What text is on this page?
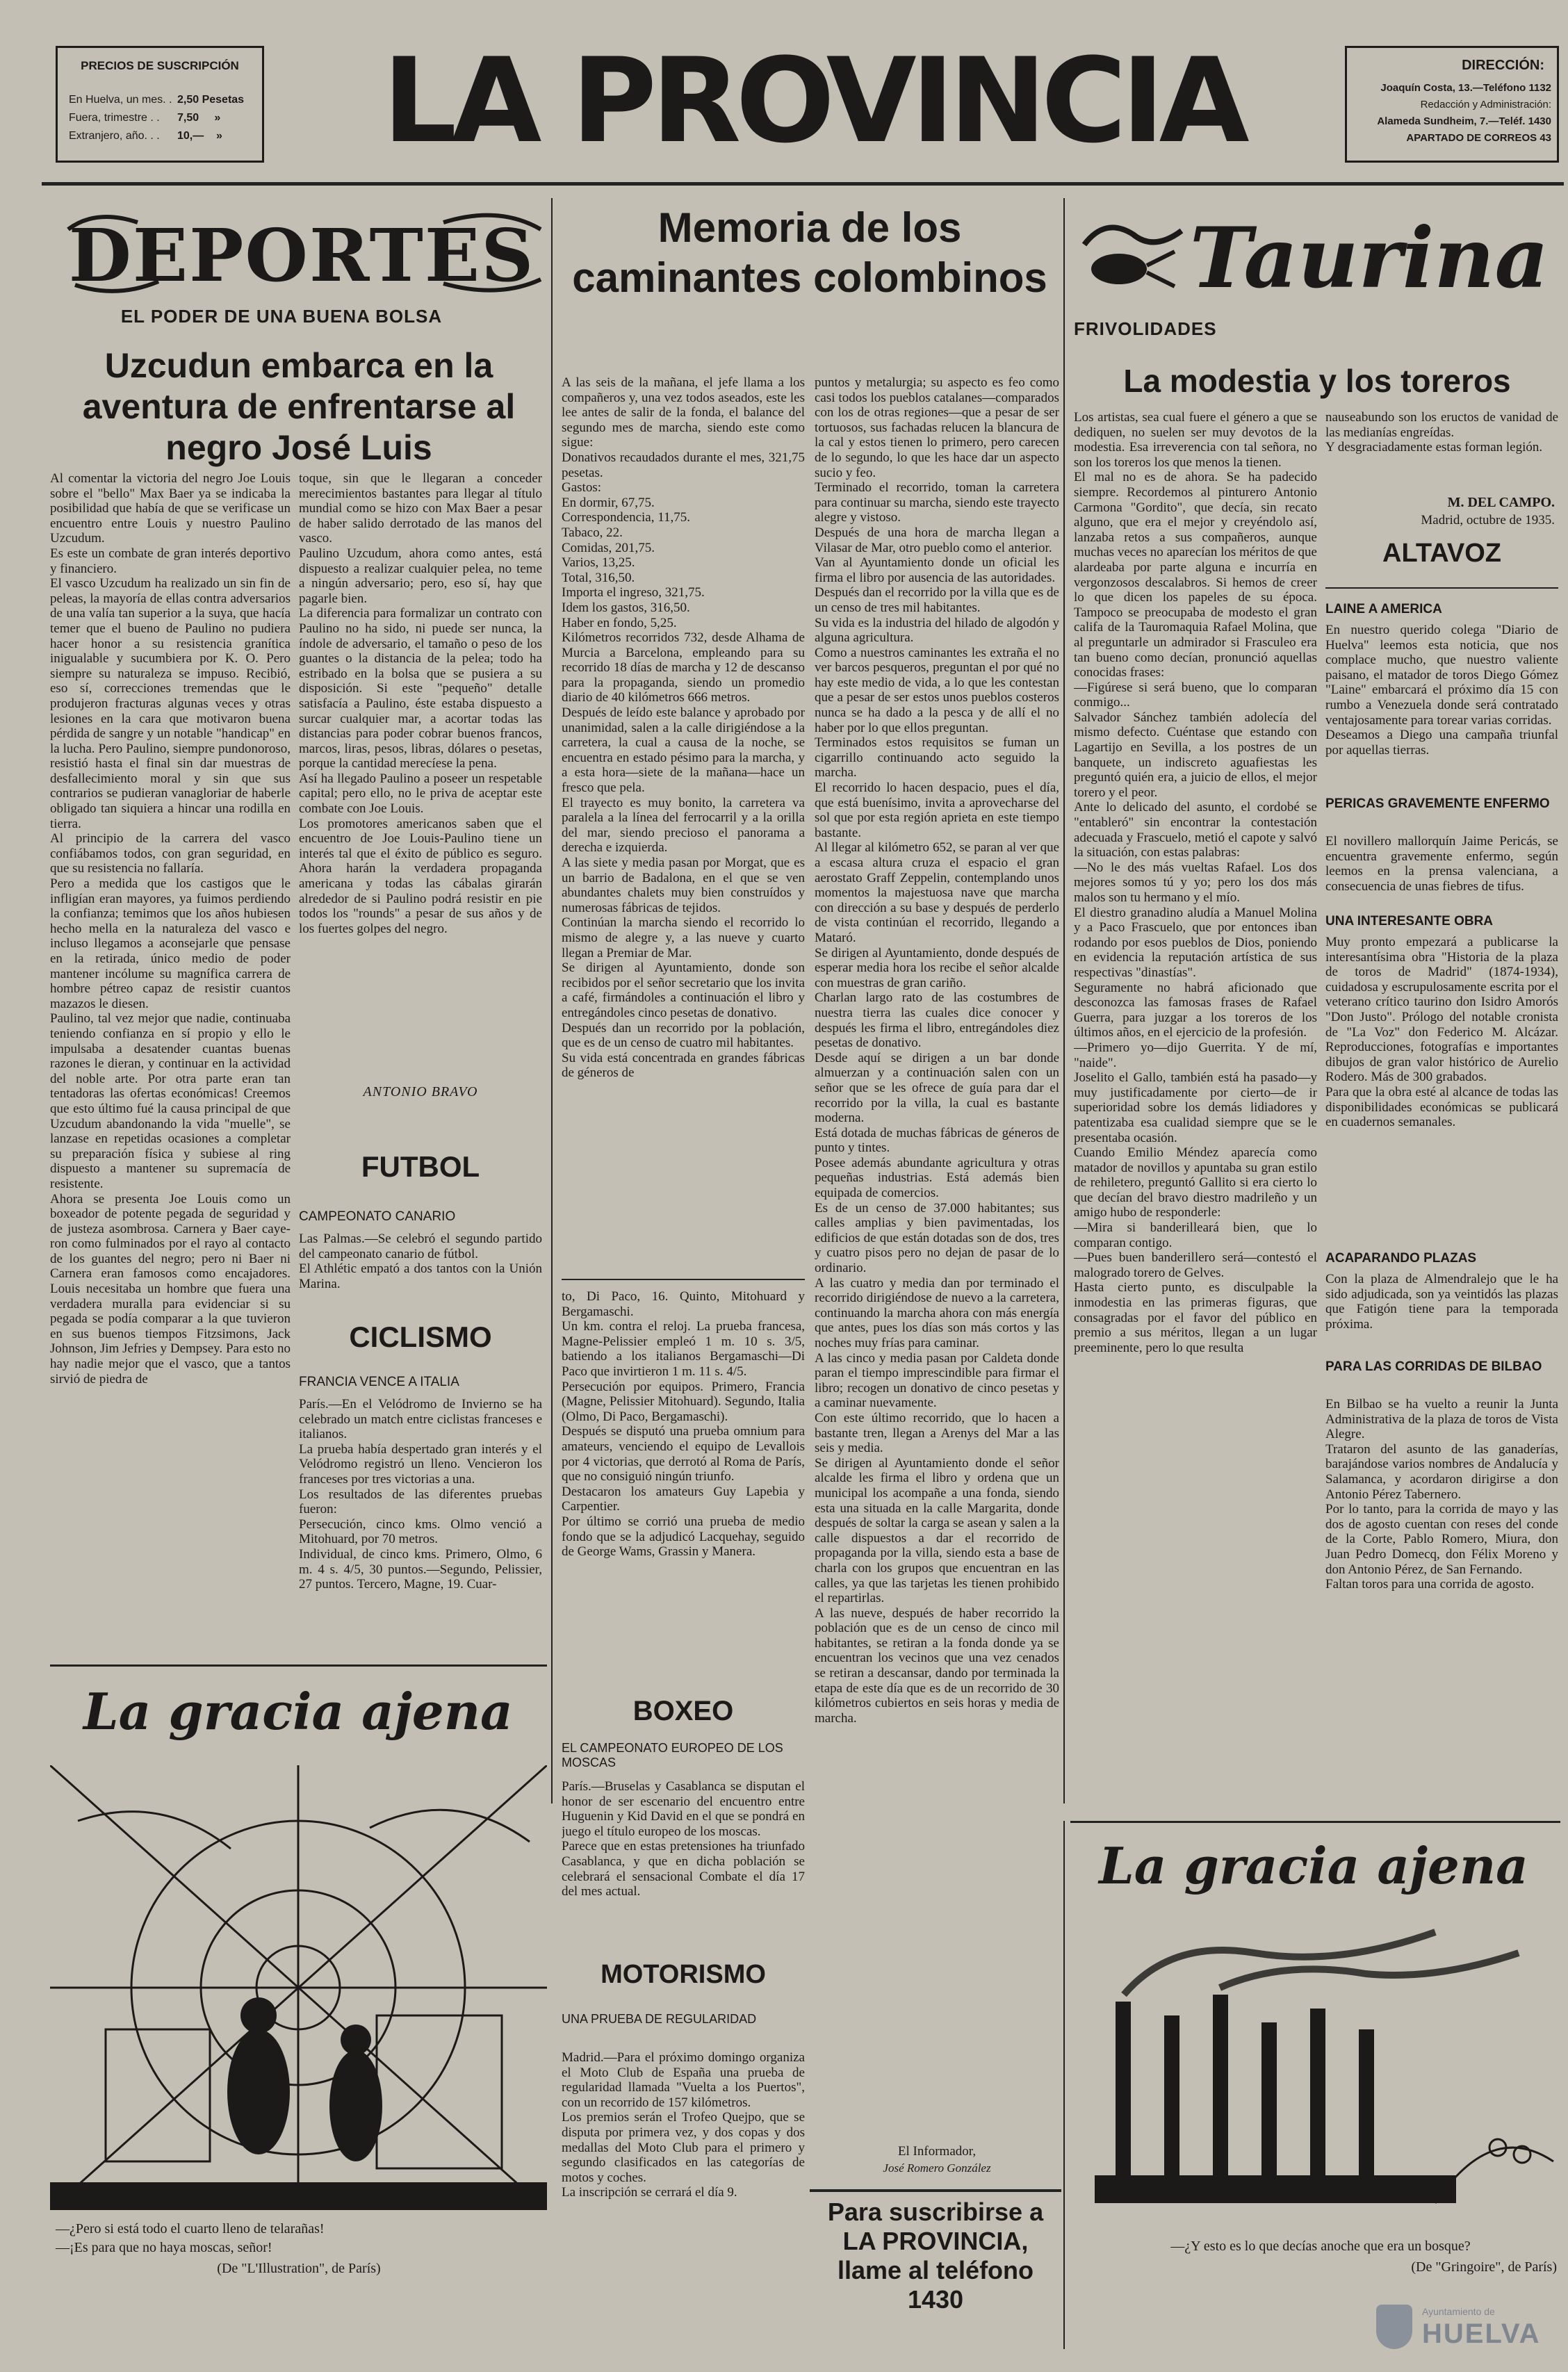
PRECIOS DE SUSCRIPCIÓN
En Huelva, un mes. .
Fuera, trimestre . .
Extranjero, año. . .
2,50 Pesetas
7,50     »
10,—    »	LA PROVINCIA	DIRECCIÓN:
Joaquín Costa, 13.—Teléfono 1132
Redacción y Administración:
Alameda Sundheim, 7.—Teléf. 1430
APARTADO DE CORREOS 43
DEPORTES
EL PODER DE UNA BUENA BOLSA
Uzcudun embarca en la aventura de enfrentarse al negro José Luis
Al comentar la victoria del negro Joe Louis sobre el "bello" Max Baer ya se indicaba la posibilidad que había de que se verificase un encuentro entre Louis y nuestro Paulino Uzcudum.
Es este un combate de gran interés deportivo y financiero.
El vasco Uzcudum ha realizado un sin fin de peleas, la mayoría de ellas contra adversarios de una valía tan superior a la suya, que hacía temer que el bueno de Paulino no pudiera hacer honor a su resistencia granítica inigualable y sucumbiera por K. O. Pero siempre su naturaleza se impuso. Recibió, eso sí, correcciones tremendas que le produjeron fracturas algunas veces y otras lesiones en la cara que motivaron buena pérdida de sangre y un notable "handicap" en la lucha. Pero Paulino, siempre pundonoroso, resistió hasta el final sin dar muestras de desfallecimiento moral y sin que sus contrarios se pudieran vanagloriar de haberle obligado tan siquiera a hincar una rodilla en tierra.
Al principio de la carrera del vasco confiábamos todos, con gran seguridad, en que su resistencia no fallaría.
Pero a medida que los castigos que le infligían eran mayores, ya fuimos perdiendo la confianza; temimos que los años hubiesen hecho mella en la naturaleza del vasco e incluso llegamos a aconsejarle que pensase en la retirada, único medio de poder mantener incólume su magnífica carrera de hombre pétreo capaz de resistir cuantos mazazos le diesen.
Paulino, tal vez mejor que nadie, continuaba teniendo confianza en sí propio y ello le impulsaba a desatender cuantas buenas razones le dieran, y continuar en la actividad del noble arte. Por otra parte eran tan tentadoras las ofertas económicas! Creemos que esto último fué la causa principal de que Uzcudum abandonando la vida "muelle", se lanzase en repetidas ocasiones a completar su preparación física y subiese al ring dispuesto a mantener su supremacía de resistente.
Ahora se presenta Joe Louis como un boxeador de potente pegada de seguridad y de justeza asombrosa. Carnera y Baer cayeron como fulminados por el rayo al contacto de los guantes del negro; pero ni Baer ni Carnera eran famosos como encajadores. Louis necesitaba un hombre que fuera una verdadera muralla para evidenciar si su pegada se podía comparar a la que tuvieron en sus buenos tiempos Fitzsimons, Jack Johnson, Jim Jefries y Dempsey. Para esto no hay nadie mejor que el vasco, que a tantos sirvió de piedra de
toque, sin que le llegaran a conceder merecimientos bastantes para llegar al título mundial como se hizo con Max Baer a pesar de haber salido derrotado de las manos del vasco.
Paulino Uzcudum, ahora como antes, está dispuesto a realizar cualquier pelea, no teme a ningún adversario; pero, eso sí, hay que pagarle bien.
La diferencia para formalizar un contrato con Paulino no ha sido, ni puede ser nunca, la índole de adversario, el tamaño o peso de los guantes o la distancia de la pelea; todo ha estribado en la bolsa que se pusiera a su disposición. Si este "pequeño" detalle satisfacía a Paulino, éste estaba dispuesto a surcar cualquier mar, a acortar todas las distancias para poder cobrar buenos francos, marcos, liras, pesos, libras, dólares o pesetas, porque la cantidad merecíese la pena.
Así ha llegado Paulino a poseer un respetable capital; pero ello, no le priva de aceptar este combate con Joe Louis.
Los promotores americanos saben que el encuentro de Joe Louis-Paulino tiene un interés tal que el éxito de público es seguro. Ahora harán la verdadera propaganda americana y todas las cábalas girarán alrededor de si Paulino podrá resistir en pie todos los "rounds" a pesar de sus años y de los fuertes golpes del negro.
ANTONIO BRAVO
FUTBOL
CAMPEONATO CANARIO
Las Palmas.—Se celebró el segundo partido del campeonato canario de fútbol.
El Athlétic empató a dos tantos con la Unión Marina.
CICLISMO
FRANCIA VENCE A ITALIA
París.—En el Velódromo de Invierno se ha celebrado un match entre ciclistas franceses e italianos.
La prueba había despertado gran interés y el Velódromo registró un lleno. Vencieron los franceses por tres victorias a una.
Los resultados de las diferentes pruebas fueron:
Persecución, cinco kms. Olmo venció a Mitohuard, por 70 metros.
Individual, de cinco kms. Primero, Olmo, 6 m. 4 s. 4/5, 30 puntos.—Segundo, Pelissier, 27 puntos. Tercero, Magne, 19. Cuar-
Memoria de los caminantes colombinos
A las seis de la mañana, el jefe llama a los compañeros y, una vez todos aseados, este les lee antes de salir de la fonda, el balance del segundo mes de marcha, siendo este como sigue:
Donativos recaudados durante el mes, 321,75 pesetas.
Gastos:
En dormir, 67,75.
Correspondencia, 11,75.
Tabaco, 22.
Comidas, 201,75.
Varios, 13,25.
Total, 316,50.
Importa el ingreso, 321,75.
Idem los gastos, 316,50.
Haber en fondo, 5,25.
Kilómetros recorridos 732, desde Alhama de Murcia a Barcelona, empleando para su recorrido 18 días de marcha y 12 de descanso para la propaganda, siendo un promedio diario de 40 kilómetros 666 metros.
Después de leído este balance y aprobado por unanimidad, salen a la calle dirigiéndose a la carretera, la cual a causa de la noche, se encuentra en estado pésimo para la marcha, y a esta hora—siete de la mañana—hace un fresco que pela.
El trayecto es muy bonito, la carretera va paralela a la línea del ferrocarril y a la orilla del mar, siendo precioso el panorama a derecha e izquierda.
A las siete y media pasan por Morgat, que es un barrio de Badalona, en el que se ven abundantes chalets muy bien construídos y numerosas fábricas de tejidos.
Continúan la marcha siendo el recorrido lo mismo de alegre y, a las nueve y cuarto llegan a Premiar de Mar.
Se dirigen al Ayuntamiento, donde son recibidos por el señor secretario que los invita a café, firmándoles a continuación el libro y entregándoles cinco pesetas de donativo.
Después dan un recorrido por la población, que es de un censo de cuatro mil habitantes.
Su vida está concentrada en grandes fábricas de géneros de
puntos y metalurgia; su aspecto es feo como casi todos los pueblos catalanes—comparados con los de otras regiones—que a pesar de ser tortuosos, sus fachadas relucen la blancura de la cal y estos tienen lo primero, pero carecen de lo segundo, lo que les hace dar un aspecto sucio y feo.
Terminado el recorrido, toman la carretera para continuar su marcha, siendo este trayecto alegre y vistoso.
Después de una hora de marcha llegan a Vilasar de Mar, otro pueblo como el anterior.
Van al Ayuntamiento donde un oficial les firma el libro por ausencia de las autoridades.
Después dan el recorrido por la villa que es de un censo de tres mil habitantes.
Su vida es la industria del hilado de algodón y alguna agricultura.
Como a nuestros caminantes les extraña el no ver barcos pesqueros, preguntan el por qué no hay este medio de vida, a lo que les contestan que a pesar de ser estos unos pueblos costeros nunca se ha dado a la pesca y de allí el no haber por lo que ellos preguntan.
Terminados estos requisitos se fuman un cigarrillo continuando acto seguido la marcha.
El recorrido lo hacen despacio, pues el día, que está buenísimo, invita a aprovecharse del sol que por esta región aprieta en este tiempo bastante.
Al llegar al kilómetro 652, se paran al ver que a escasa altura cruza el espacio el gran aerostato Graff Zeppelin, contemplando unos momentos la majestuosa nave que marcha con dirección a su base y después de perderlo de vista continúan el recorrido, llegando a Mataró.
Se dirigen al Ayuntamiento, donde después de esperar media hora los recibe el señor alcalde con muestras de gran cariño.
Charlan largo rato de las costumbres de nuestra tierra las cuales dice conocer y después les firma el libro, entregándoles diez pesetas de donativo.
Desde aquí se dirigen a un bar donde almuerzan y a continuación salen con un señor que se les ofrece de guía para dar el recorrido por la villa, la cual es bastante moderna.
Está dotada de muchas fábricas de géneros de punto y tintes.
Posee además abundante agricultura y otras pequeñas industrias. Está además bien equipada de comercios.
Es de un censo de 37.000 habitantes; sus calles amplias y bien pavimentadas, los edificios de que están dotadas son de dos, tres y cuatro pisos pero no dejan de pasar de lo ordinario.
A las cuatro y media dan por terminado el recorrido dirigiéndose de nuevo a la carretera, continuando la marcha ahora con más energía que antes, pues los días son más cortos y las noches muy frías para caminar.
A las cinco y media pasan por Caldeta donde paran el tiempo imprescindible para firmar el libro; recogen un donativo de cinco pesetas y a caminar nuevamente.
Con este último recorrido, que lo hacen a bastante tren, llegan a Arenys del Mar a las seis y media.
Se dirigen al Ayuntamiento donde el señor alcalde les firma el libro y ordena que un municipal los acompañe a una fonda, siendo esta una situada en la calle Margarita, donde después de soltar la carga se asean y salen a la calle dispuestos a dar el recorrido de propaganda por la villa, siendo esta a base de charla con los grupos que encuentran en las calles, ya que las tarjetas les tienen prohibido el repartirlas.
A las nueve, después de haber recorrido la población que es de un censo de cinco mil habitantes, se retiran a la fonda donde ya se encuentran los vecinos que una vez cenados se retiran a descansar, dando por terminada la etapa de este día que es de un recorrido de 30 kilómetros cubiertos en seis horas y media de marcha.
El Informador,
José Romero González
to, Di Paco, 16. Quinto, Mitohuard y Bergamaschi.
Un km. contra el reloj. La prueba francesa, Magne-Pelissier empleó 1 m. 10 s. 3/5, batiendo a los italianos Bergamaschi—Di Paco que invirtieron 1 m. 11 s. 4/5.
Persecución por equipos. Primero, Francia (Magne, Pelissier Mitohuard). Segundo, Italia (Olmo, Di Paco, Bergamaschi).
Después se disputó una prueba omnium para amateurs, venciendo el equipo de Levallois por 4 victorias, que derrotó al Roma de París, que no consiguió ningún triunfo.
Destacaron los amateurs Guy Lapebia y Carpentier.
Por último se corrió una prueba de medio fondo que se la adjudicó Lacquehay, seguido de George Wams, Grassin y Manera.
BOXEO
EL CAMPEONATO EUROPEO DE LOS MOSCAS
París.—Bruselas y Casablanca se disputan el honor de ser escenario del encuentro entre Huguenin y Kid David en el que se pondrá en juego el título europeo de los moscas.
Parece que en estas pretensiones ha triunfado Casablanca, y que en dicha población se celebrará el sensacional Combate el día 17 del mes actual.
MOTORISMO
UNA PRUEBA DE REGULARIDAD
Madrid.—Para el próximo domingo organiza el Moto Club de España una prueba de regularidad llamada "Vuelta a los Puertos", con un recorrido de 157 kilómetros.
Los premios serán el Trofeo Quejpo, que se disputa por primera vez, y dos copas y dos medallas del Moto Club para el primero y segundo clasificados en las categorías de motos y coches.
La inscripción se cerrará el día 9.
Para suscribirse a LA PROVINCIA, llame al teléfono 1430
Taurina
FRIVOLIDADES
La modestia y los toreros
Los artistas, sea cual fuere el género a que se dediquen, no suelen ser muy devotos de la modestia. Esa irreverencia con tal señora, no son los toreros los que menos la tienen.
El mal no es de ahora. Se ha padecido siempre. Recordemos al pinturero Antonio Carmona "Gordito", que decía, sin recato alguno, que era el mejor y creyéndolo así, lanzaba retos a sus compañeros, aunque muchas veces no aparecían los méritos de que alardeaba por parte alguna e incurría en vergonzosos descalabros. Si hemos de creer lo que dicen los papeles de su época. Tampoco se preocupaba de modesto el gran califa de la Tauromaquia Rafael Molina, que al preguntarle un admirador si Frasculeo era tan bueno como decían, pronunció aquellas conocidas frases:
—Figúrese si será bueno, que lo comparan conmigo...
Salvador Sánchez también adolecía del mismo defecto. Cuéntase que estando con Lagartijo en Sevilla, a los postres de un banquete, un indiscreto aguafiestas les preguntó quién era, a juicio de ellos, el mejor torero y el peor.
Ante lo delicado del asunto, el cordobé se "entableró" sin encontrar la contestación adecuada y Frascuelo, metió el capote y salvó la situación, con estas palabras:
—No le des más vueltas Rafael. Los dos mejores somos tú y yo; pero los dos más malos son tu hermano y el mío.
El diestro granadino aludía a Manuel Molina y a Paco Frascuelo, que por entonces iban rodando por esos pueblos de Dios, poniendo en evidencia la reputación artística de sus respectivas "dinastías".
Seguramente no habrá aficionado que desconozca las famosas frases de Rafael Guerra, para juzgar a los toreros de los últimos años, en el ejercicio de la profesión.
—Primero yo—dijo Guerrita. Y de mí, "naide".
Joselito el Gallo, también está ha pasado—y muy justificadamente por cierto—de ir superioridad sobre los demás lidiadores y patentizaba esa cualidad siempre que se le presentaba ocasión.
Cuando Emilio Méndez aparecía como matador de novillos y apuntaba su gran estilo de rehiletero, preguntó Gallito si era cierto lo que decían del bravo diestro madrileño y un amigo hubo de responderle:
—Mira si banderilleará bien, que lo comparan contigo.
—Pues buen banderillero será—contestó el malogrado torero de Gelves.
Hasta cierto punto, es disculpable la inmodestia en las primeras figuras, que consagradas por el favor del público en premio a sus méritos, llegan a un lugar preeminente, pero lo que resulta
nauseabundo son los eructos de vanidad de las medianías engreídas.
Y desgraciadamente estas forman legión.
M. DEL CAMPO.
Madrid, octubre de 1935.
ALTAVOZ
LAINE A AMERICA
En nuestro querido colega "Diario de Huelva" leemos esta noticia, que nos complace mucho, que nuestro valiente paisano, el matador de toros Diego Gómez "Laine" embarcará el próximo día 15 con rumbo a Venezuela donde será contratado ventajosamente para torear varias corridas.
Deseamos a Diego una campaña triunfal por aquellas tierras.
PERICAS GRAVEMENTE ENFERMO
El novillero mallorquín Jaime Pericás, se encuentra gravemente enfermo, según leemos en la prensa valenciana, a consecuencia de unas fiebres de tifus.
UNA INTERESANTE OBRA
Muy pronto empezará a publicarse la interesantísima obra "Historia de la plaza de toros de Madrid" (1874-1934), cuidadosa y escrupulosamente escrita por el veterano crítico taurino don Isidro Amorós "Don Justo". Prólogo del notable cronista de "La Voz" don Federico M. Alcázar. Reproducciones, fotografías e importantes dibujos de gran valor histórico de Aurelio Rodero. Más de 300 grabados.
Para que la obra esté al alcance de todas las disponibilidades económicas se publicará en cuadernos semanales.
ACAPARANDO PLAZAS
Con la plaza de Almendralejo que le ha sido adjudicada, son ya veintidós las plazas que Fatigón tiene para la temporada próxima.
PARA LAS CORRIDAS DE BILBAO
En Bilbao se ha vuelto a reunir la Junta Administrativa de la plaza de toros de Vista Alegre.
Trataron del asunto de las ganaderías, barajándose varios nombres de Andalucía y Salamanca, y acordaron dirigirse a don Antonio Pérez Tabernero.
Por lo tanto, para la corrida de mayo y las dos de agosto cuentan con reses del conde de la Corte, Pablo Romero, Miura, don Juan Pedro Domecq, don Félix Moreno y don Antonio Pérez, de San Fernando.
Faltan toros para una corrida de agosto.
La gracia ajena
—¿Pero si está todo el cuarto lleno de telarañas!
—¡Es para que no haya moscas, señor!
(De "L'Illustration", de París)
La gracia ajena
—¿Y esto es lo que decías anoche que era un bosque?
(De "Gringoire", de París)
Ayuntamiento de
HUELVA
